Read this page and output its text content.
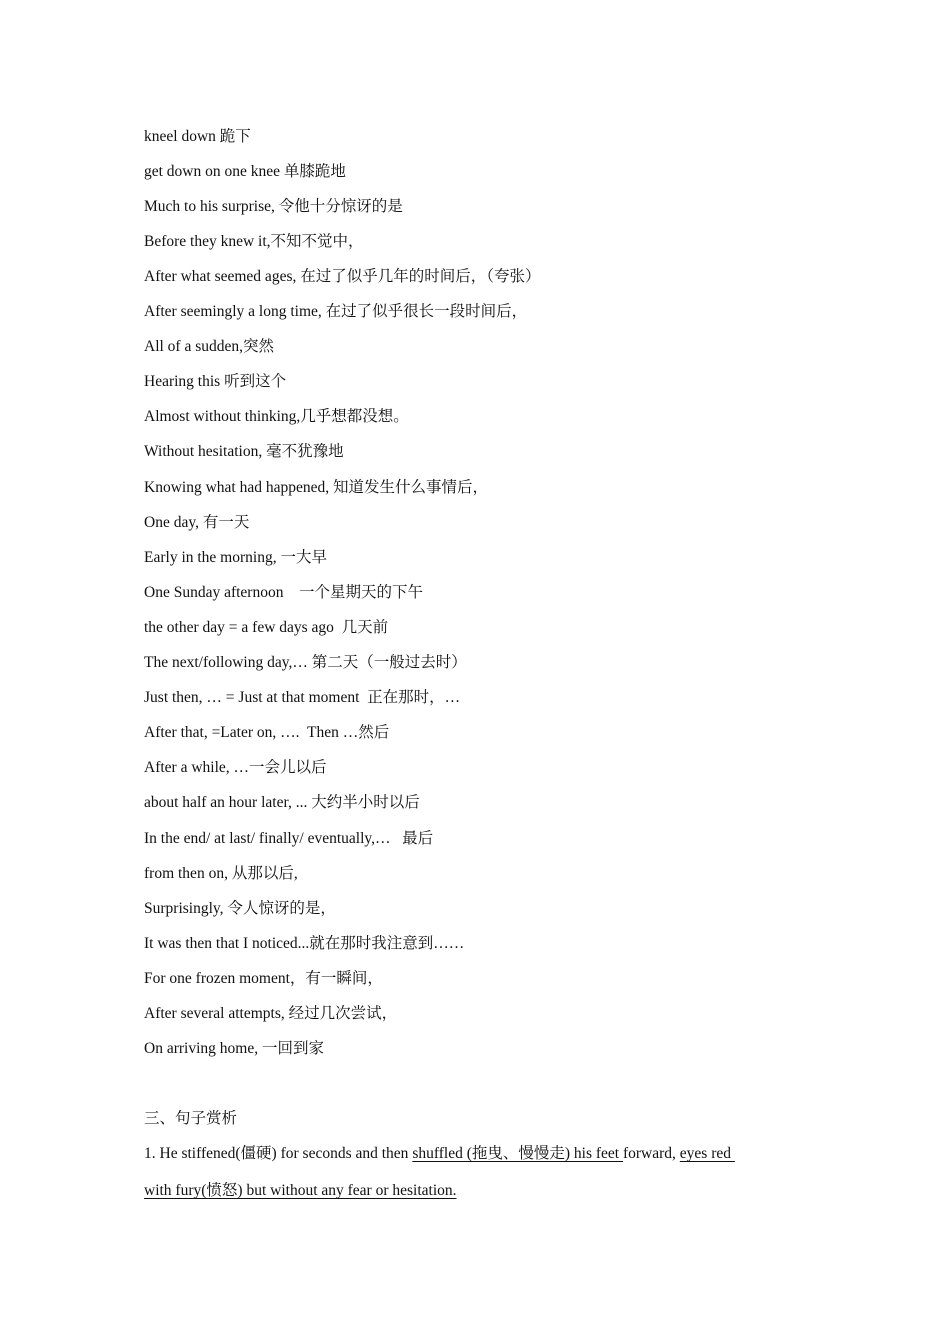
kneel down 跪下
get down on one knee 单膝跪地
Much to his surprise, 令他十分惊讶的是
Before they knew it,不知不觉中，
After what seemed ages, 在过了似乎几年的时间后，（夸张）
After seemingly a long time, 在过了似乎很长一段时间后，
All of a sudden,突然
Hearing this 听到这个
Almost without thinking,几乎想都没想。
Without hesitation, 毫不犹豫地
Knowing what had happened, 知道发生什么事情后，
One day, 有一天
Early in the morning, 一大早
One Sunday afternoon    一个星期天的下午
the other day = a few days ago  几天前
The next/following day,… 第二天（一般过去时）
Just then, … = Just at that moment  正在那时，…
After that, =Later on, ….  Then …然后
After a while, …一会儿以后
about half an hour later, ... 大约半小时以后
In the end/ at last/ finally/ eventually,…   最后
from then on, 从那以后,
Surprisingly, 令人惊讶的是，
It was then that I noticed...就在那时我注意到……
For one frozen moment，有一瞬间，
After several attempts, 经过几次尝试，
On arriving home, 一回到家
三、句子赏析
1. He stiffened(僵硬) for seconds and then shuffled (拖曳、慢慢走) his feet forward, eyes red
with fury(愤怒) but without any fear or hesitation.
